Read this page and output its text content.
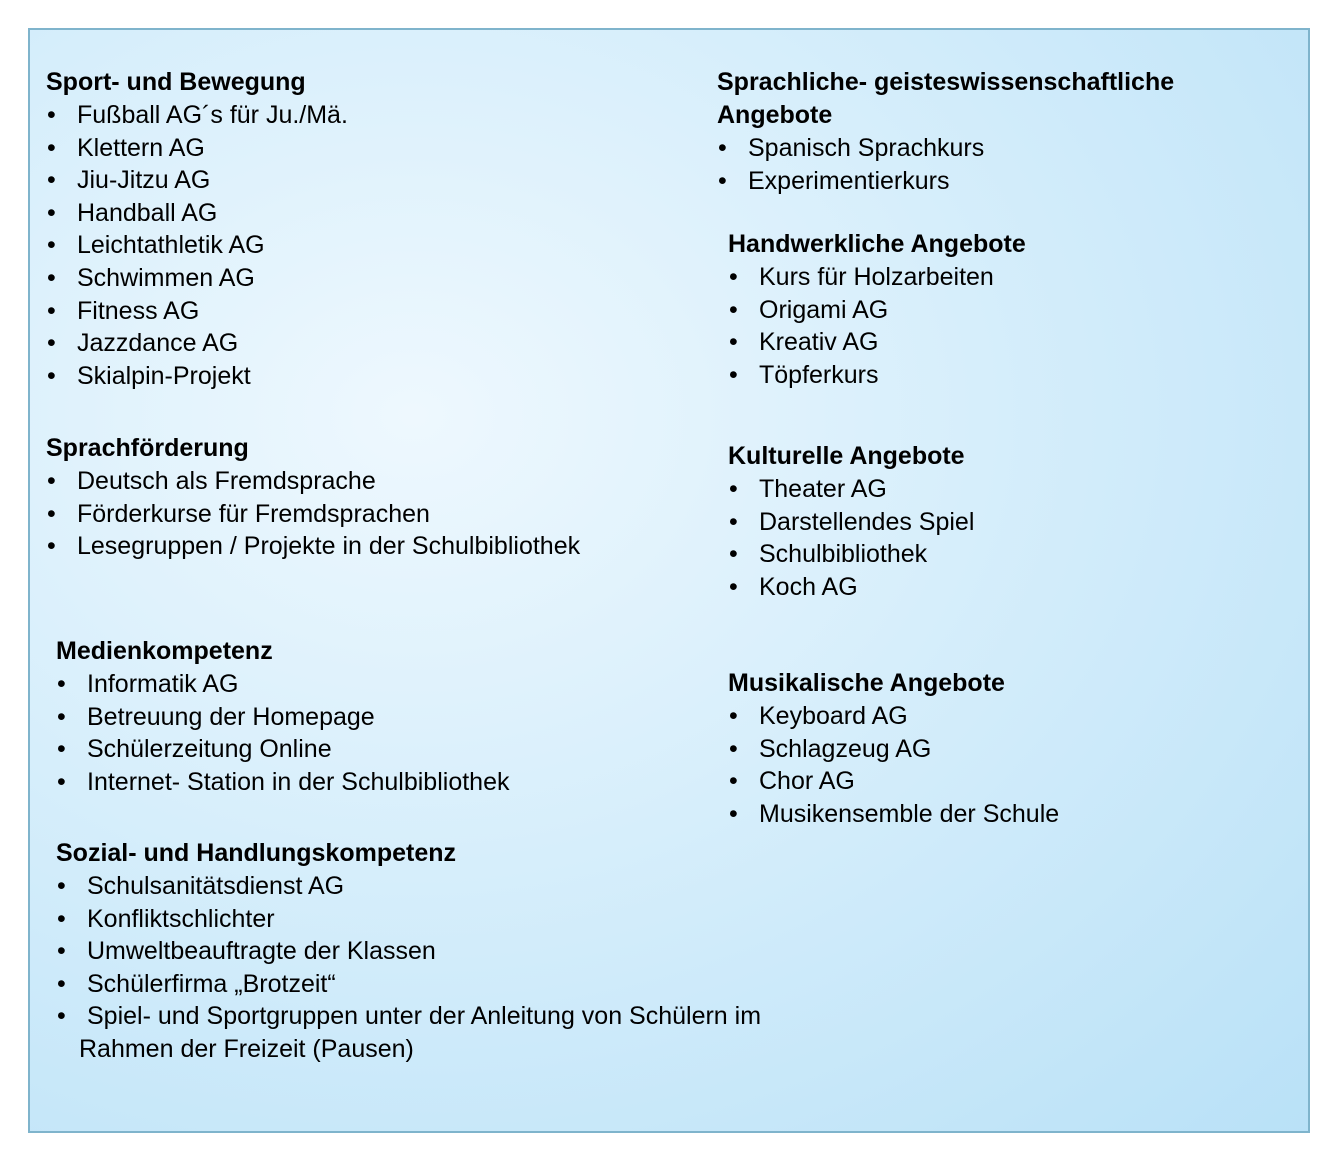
Sport- und Bewegung

• Fußball AG´s für Ju./Mä.
• Klettern AG
• Jiu-Jitzu AG
• Handball AG
• Leichtathletik AG
• Schwimmen AG
• Fitness AG
• Jazzdance AG
• Skialpin-Projekt

Sprachförderung

• Deutsch als Fremdsprache
• Förderkurse für Fremdsprachen
• Lesegruppen / Projekte in der Schulbibliothek

Medienkompetenz

• Informatik AG
• Betreuung der Homepage
• Schülerzeitung Online
• Internet- Station in der Schulbibliothek

Sozial- und Handlungskompetenz

• Schulsanitätsdienst AG
• Konfliktschlichter
• Umweltbeauftragte der Klassen
• Schülerfirma „Brotzeit“
• Spiel- und Sportgruppen unter der Anleitung von Schülern im
Rahmen der Freizeit (Pausen)

Sprachliche- geisteswissenschaftliche

Angebote

• Spanisch Sprachkurs
• Experimentierkurs

Handwerkliche Angebote

• Kurs für Holzarbeiten
• Origami AG
• Kreativ AG
• Töpferkurs

Kulturelle Angebote

• Theater AG
• Darstellendes Spiel
• Schulbibliothek
• Koch AG

Musikalische Angebote

• Keyboard AG
• Schlagzeug AG
• Chor AG
• Musikensemble der Schule
